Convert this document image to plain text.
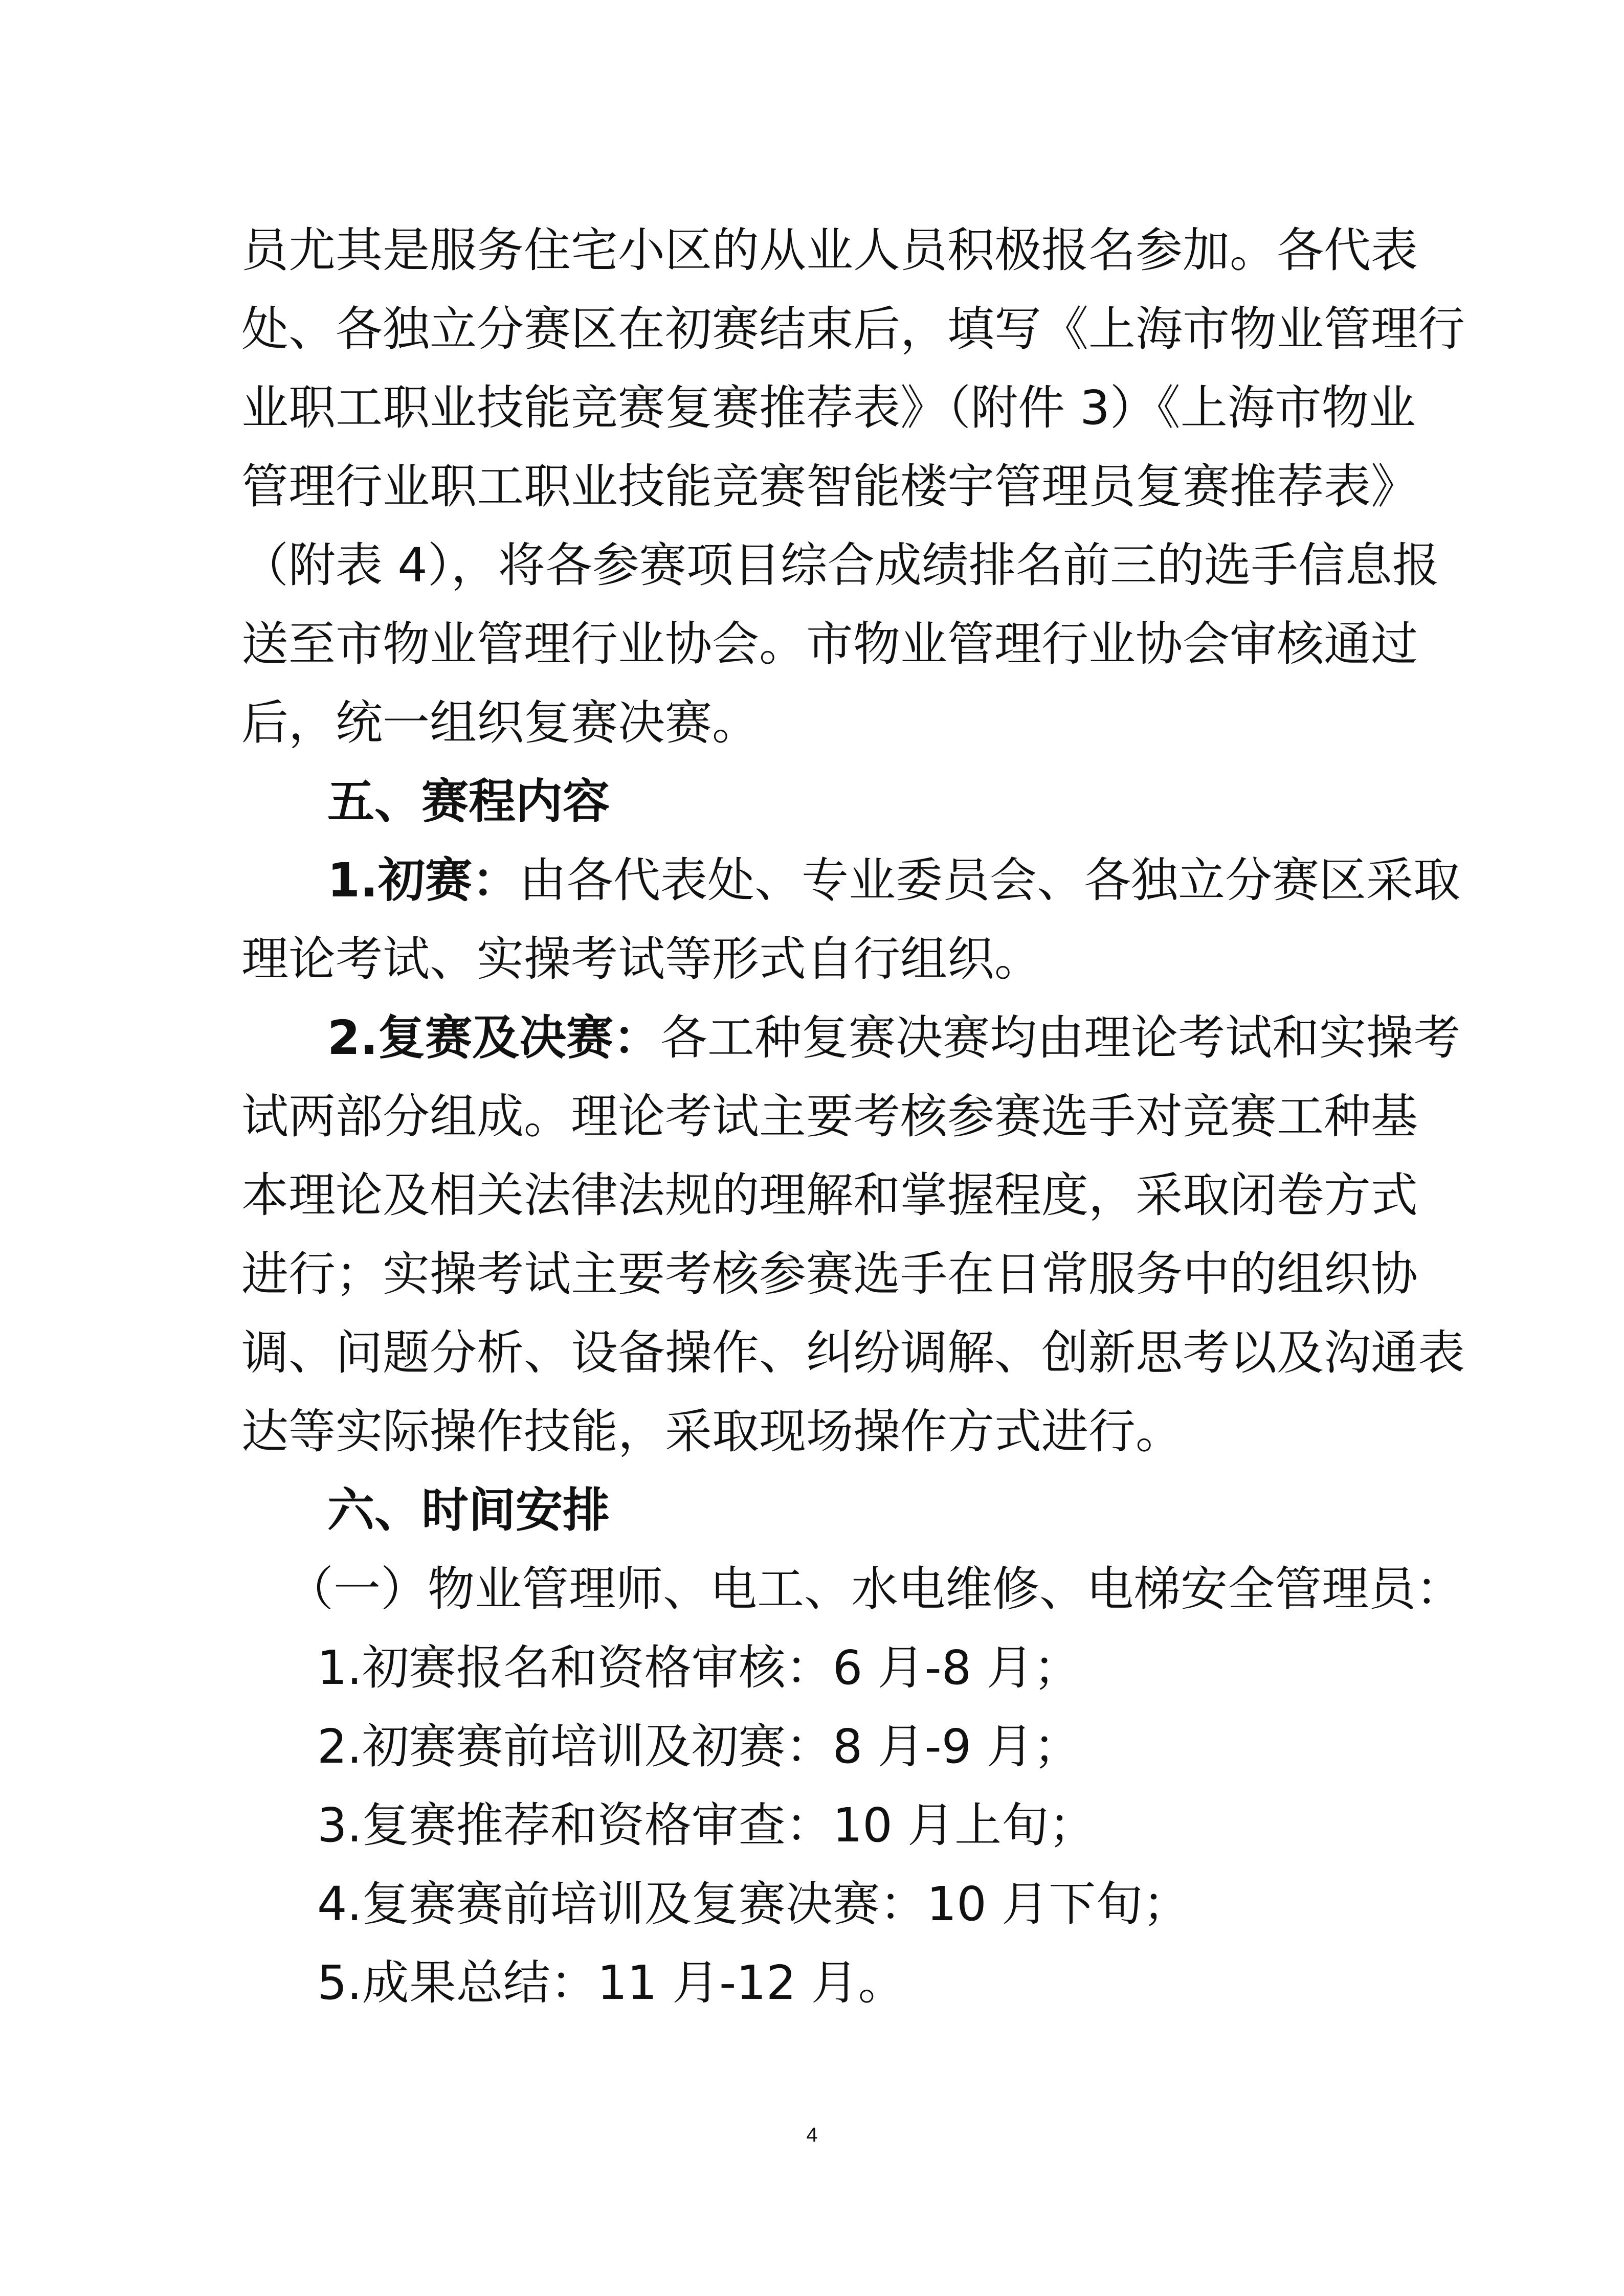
员尤其是服务住宅小区的从业人员积极报名参加。各代表
处、各独立分赛区在初赛结束后，填写《上海市物业管理行
业职工职业技能竞赛复赛推荐表》（附件 3）《上海市物业
管理行业职工职业技能竞赛智能楼宇管理员复赛推荐表》
（附表 4），将各参赛项目综合成绩排名前三的选手信息报
送至市物业管理行业协会。市物业管理行业协会审核通过
后，统一组织复赛决赛。
五、赛程内容
1.初赛：由各代表处、专业委员会、各独立分赛区采取
理论考试、实操考试等形式自行组织。
2.复赛及决赛：各工种复赛决赛均由理论考试和实操考
试两部分组成。理论考试主要考核参赛选手对竞赛工种基
本理论及相关法律法规的理解和掌握程度，采取闭卷方式
进行；实操考试主要考核参赛选手在日常服务中的组织协
调、问题分析、设备操作、纠纷调解、创新思考以及沟通表
达等实际操作技能，采取现场操作方式进行。
六、时间安排
（一）物业管理师、电工、水电维修、电梯安全管理员：
1.初赛报名和资格审核：6 月-8 月；
2.初赛赛前培训及初赛：8 月-9 月；
3.复赛推荐和资格审查：10 月上旬；
4.复赛赛前培训及复赛决赛：10 月下旬；
5.成果总结：11 月-12 月。
4
